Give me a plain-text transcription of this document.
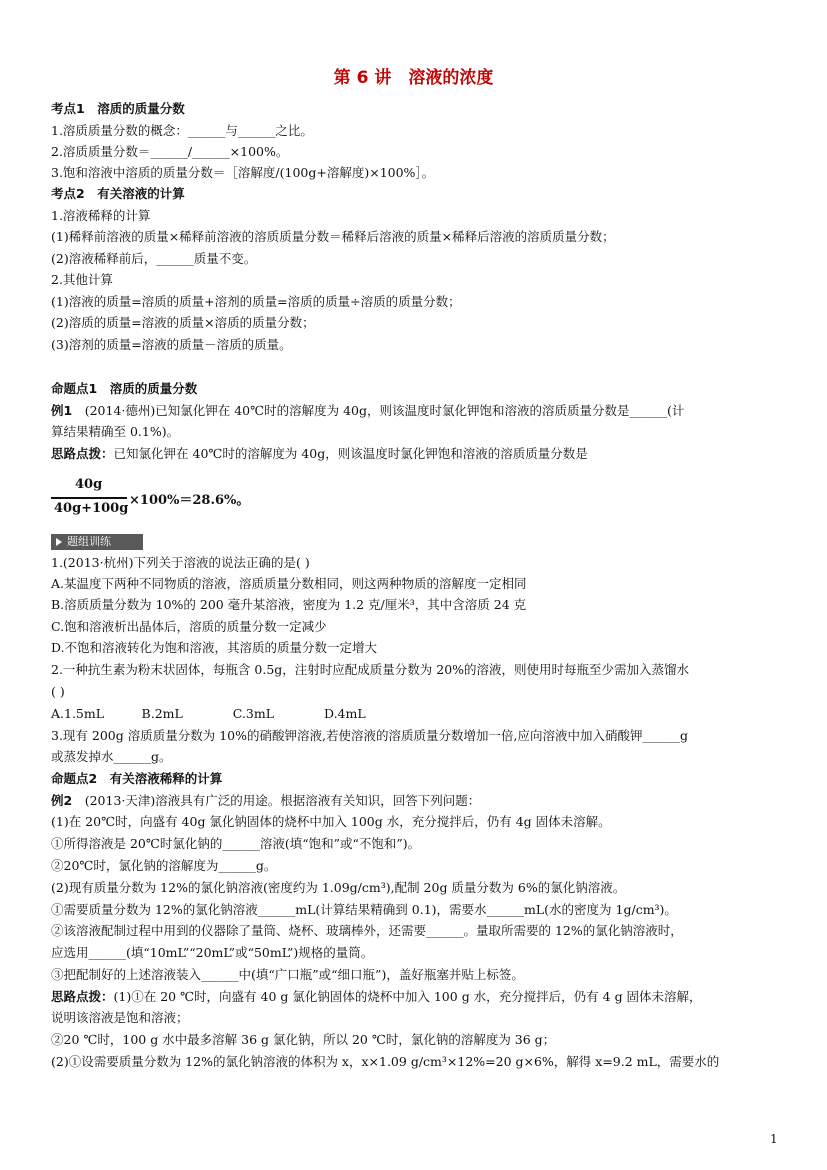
第 6 讲　溶液的浓度
考点1　溶质的质量分数
1.溶质质量分数的概念：______与______之比。
2.溶质质量分数＝______/______×100%。
3.饱和溶液中溶质的质量分数＝［溶解度/(100g+溶解度)×100%］。
考点2　有关溶液的计算
1.溶液稀释的计算
(1)稀释前溶液的质量×稀释前溶液的溶质质量分数＝稀释后溶液的质量×稀释后溶液的溶质质量分数；
(2)溶液稀释前后，______质量不变。
2.其他计算
(1)溶液的质量=溶质的质量+溶剂的质量=溶质的质量÷溶质的质量分数；
(2)溶质的质量=溶液的质量×溶质的质量分数；
(3)溶剂的质量=溶液的质量－溶质的质量。
命题点1　溶质的质量分数
例1　(2014·德州)已知氯化钾在 40℃时的溶解度为 40g，则该温度时氯化钾饱和溶液的溶质质量分数是______(计
算结果精确至 0.1%)。
思路点拨：已知氯化钾在 40℃时的溶解度为 40g，则该温度时氯化钾饱和溶液的溶质质量分数是
40g
40g+100g
×100%＝28.6%。
题组训练
1.(2013·杭州)下列关于溶液的说法正确的是( )
A.某温度下两种不同物质的溶液，溶质质量分数相同，则这两种物质的溶解度一定相同
B.溶质质量分数为 10%的 200 毫升某溶液，密度为 1.2 克/厘米³，其中含溶质 24 克
C.饱和溶液析出晶体后，溶质的质量分数一定减少
D.不饱和溶液转化为饱和溶液，其溶质的质量分数一定增大
2.一种抗生素为粉末状固体，每瓶含 0.5g，注射时应配成质量分数为 20%的溶液，则使用时每瓶至少需加入蒸馏水
( )
A.1.5mL　　　B.2mL　　　　C.3mL　　　　D.4mL
3.现有 200g 溶质质量分数为 10%的硝酸钾溶液,若使溶液的溶质质量分数增加一倍,应向溶液中加入硝酸钾______g
或蒸发掉水______g。
命题点2　有关溶液稀释的计算
例2　(2013·天津)溶液具有广泛的用途。根据溶液有关知识，回答下列问题：
(1)在 20℃时，向盛有 40g 氯化钠固体的烧杯中加入 100g 水，充分搅拌后，仍有 4g 固体未溶解。
①所得溶液是 20℃时氯化钠的______溶液(填“饱和”或“不饱和”)。
②20℃时，氯化钠的溶解度为______g。
(2)现有质量分数为 12%的氯化钠溶液(密度约为 1.09g/cm³),配制 20g 质量分数为 6%的氯化钠溶液。
①需要质量分数为 12%的氯化钠溶液______mL(计算结果精确到 0.1)，需要水______mL(水的密度为 1g/cm³)。
②该溶液配制过程中用到的仪器除了量筒、烧杯、玻璃棒外，还需要______。量取所需要的 12%的氯化钠溶液时，
应选用______(填“10mL”“20mL”或“50mL”)规格的量筒。
③把配制好的上述溶液装入______中(填“广口瓶”或“细口瓶”)，盖好瓶塞并贴上标签。
思路点拨：(1)①在 20 ℃时，向盛有 40 g 氯化钠固体的烧杯中加入 100 g 水，充分搅拌后，仍有 4 g 固体未溶解，
说明该溶液是饱和溶液；
②20 ℃时，100 g 水中最多溶解 36 g 氯化钠，所以 20 ℃时，氯化钠的溶解度为 36 g；
(2)①设需要质量分数为 12%的氯化钠溶液的体积为 x，x×1.09 g/cm³×12%=20 g×6%，解得 x=9.2 mL，需要水的
1
